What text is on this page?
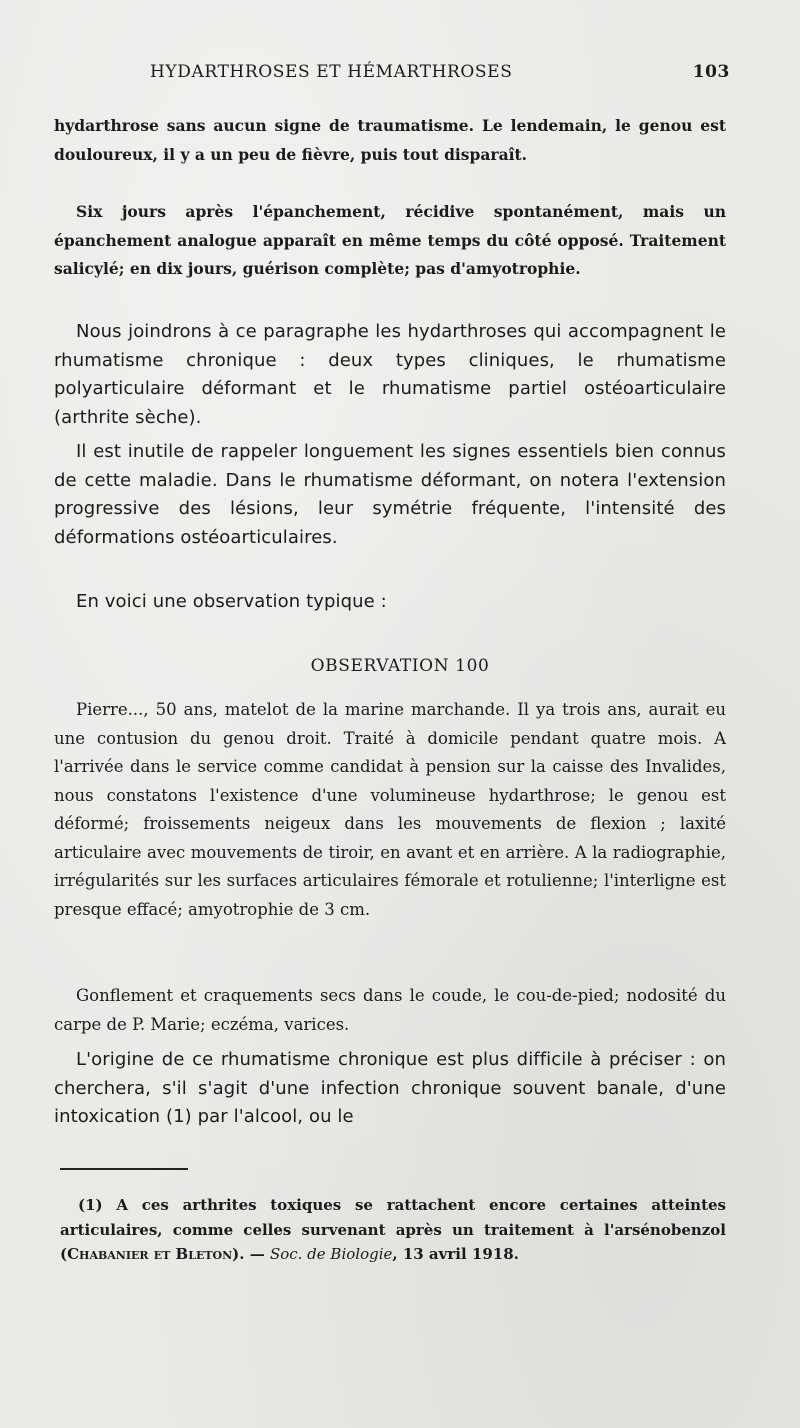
HYDARTHROSES ET HÉMARTHROSES	103

hydarthrose sans aucun signe de traumatisme. Le lendemain, le genou est douloureux, il y a un peu de fièvre, puis tout disparaît.

Six jours après l'épanchement, récidive spontanément, mais un épanchement analogue apparaît en même temps du côté opposé. Traitement salicylé; en dix jours, guérison complète; pas d'amyotrophie.

Nous joindrons à ce paragraphe les hydarthroses qui accompagnent le rhumatisme chronique : deux types cliniques, le rhumatisme polyarticulaire déformant et le rhumatisme partiel ostéoarticulaire (arthrite sèche).

Il est inutile de rappeler longuement les signes essentiels bien connus de cette maladie. Dans le rhumatisme déformant, on notera l'extension progressive des lésions, leur symétrie fréquente, l'intensité des déformations ostéoarticulaires.

En voici une observation typique :

OBSERVATION 100

Pierre..., 50 ans, matelot de la marine marchande. Il ya trois ans, aurait eu une contusion du genou droit. Traité à domicile pendant quatre mois. A l'arrivée dans le service comme candidat à pension sur la caisse des Invalides, nous constatons l'existence d'une volumineuse hydarthrose; le genou est déformé; froissements neigeux dans les mouvements de flexion ; laxité articulaire avec mouvements de tiroir, en avant et en arrière. A la radiographie, irrégularités sur les surfaces articulaires fémorale et rotulienne; l'interligne est presque effacé; amyotrophie de 3 cm.

Gonflement et craquements secs dans le coude, le cou-de-pied; nodosité du carpe de P. Marie; eczéma, varices.

L'origine de ce rhumatisme chronique est plus difficile à préciser : on cherchera, s'il s'agit d'une infection chronique souvent banale, d'une intoxication (1) par l'alcool, ou le

(1) A ces arthrites toxiques se rattachent encore certaines atteintes articulaires, comme celles survenant après un traitement à l'arsénobenzol (Chabanier et Bleton). — Soc. de Biologie, 13 avril 1918.
